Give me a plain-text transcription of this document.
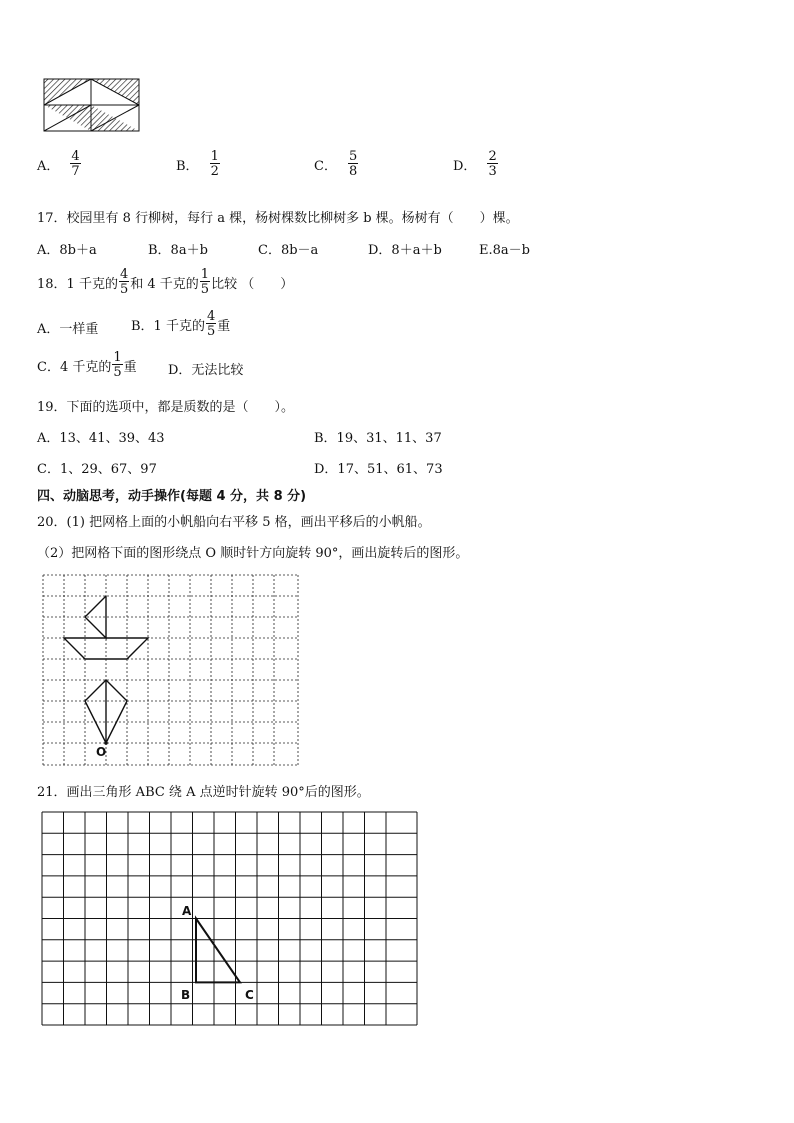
A． $\frac{4}{7}$	B． $\frac{1}{2}$	C． $\frac{5}{8}$	D． $\frac{2}{3}$
17．校园里有 8 行柳树，每行 a 棵，杨树棵数比柳树多 b 棵。杨树有（　　）棵。
A．8b＋a	B．8a＋b	C．8b－a	D．8＋a＋b	E.8a－b
18．1 千克的 $\frac{4}{5}$ 和 4 千克的 $\frac{1}{5}$ 比较 （　　）
A．一样重	B．1 千克的 $\frac{4}{5}$ 重
C．4 千克的 $\frac{1}{5}$ 重 D．无法比较
19．下面的选项中，都是质数的是（　　）。
A．13、41、39、43	B．19、31、11、37
C．1、29、67、97	D．17、51、61、73
四、动脑思考，动手操作(每题 4 分，共 8 分)
20．(1) 把网格上面的小帆船向右平移 5 格，画出平移后的小帆船。
（2）把网格下面的图形绕点 O 顺时针方向旋转 90°，画出旋转后的图形。
O
21．画出三角形 ABC 绕 A 点逆时针旋转 90°后的图形。
A
B	C
